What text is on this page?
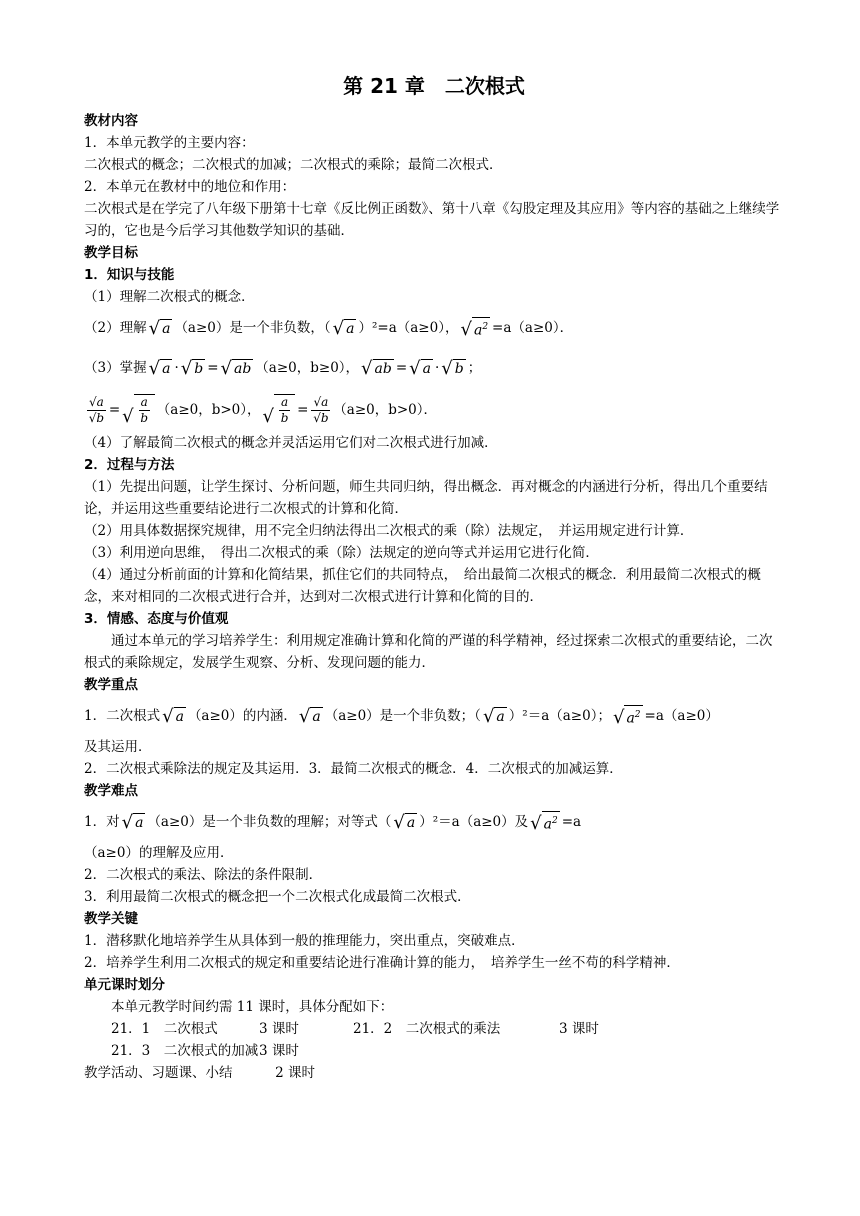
第 21 章　二次根式
教材内容
1．本单元教学的主要内容：
二次根式的概念；二次根式的加减；二次根式的乘除；最简二次根式．
2．本单元在教材中的地位和作用：
二次根式是在学完了八年级下册第十七章《反比例正函数》、第十八章《勾股定理及其应用》等内容的基础之上继续学习的，它也是今后学习其他数学知识的基础．
教学目标
1．知识与技能
（1）理解二次根式的概念．
（2）理解 √ a （a≥0）是一个非负数，（ √ a ）²=a（a≥0）， √ $a^2 =a(a\ge 0)$．
（3）掌握 √ a · √ b = √ ab （a≥0，b≥0）， √ ab = √ a · √ b ；
$\frac{√a}{√b}$ = √ $\frac{a}{b} (a\ge 0$，b>0）， √ $\frac{a}{b} = \frac{√a}{√b} (a\ge 0$，b>0）．
（4）了解最简二次根式的概念并灵活运用它们对二次根式进行加减．
2．过程与方法
（1）先提出问题，让学生探讨、分析问题，师生共同归纳，得出概念．再对概念的内涵进行分析，得出几个重要结论，并运用这些重要结论进行二次根式的计算和化简．
（2）用具体数据探究规律，用不完全归纳法得出二次根式的乘（除）法规定，　并运用规定进行计算．
（3）利用逆向思维，　得出二次根式的乘（除）法规定的逆向等式并运用它进行化简．
（4）通过分析前面的计算和化简结果，抓住它们的共同特点，　给出最简二次根式的概念．利用最简二次根式的概念，来对相同的二次根式进行合并，达到对二次根式进行计算和化简的目的．
3．情感、态度与价值观
通过本单元的学习培养学生：利用规定准确计算和化简的严谨的科学精神，经过探索二次根式的重要结论，二次根式的乘除规定，发展学生观察、分析、发现问题的能力．
教学重点
1．二次根式 √ a （a≥0）的内涵． √ a （a≥0）是一个非负数；（ √ a ）²＝a（a≥0）； √ $a^2 =a(a\ge 0)$
及其运用．
2．二次根式乘除法的规定及其运用．3．最简二次根式的概念．4．二次根式的加减运算．
教学难点
1．对 √ a （a≥0）是一个非负数的理解；对等式（ √ a ）²＝a（a≥0）及 √ $a^2 =a$
（a≥0）的理解及应用．
2．二次根式的乘法、除法的条件限制．
3．利用最简二次根式的概念把一个二次根式化成最简二次根式．
教学关键
1．潜移默化地培养学生从具体到一般的推理能力，突出重点，突破难点．
2．培养学生利用二次根式的规定和重要结论进行准确计算的能力，　培养学生一丝不苟的科学精神．
单元课时划分
本单元教学时间约需 11 课时，具体分配如下：
21．1　二次根式	3 课时	21．2　二次根式的乘法	3 课时
21．3　二次根式的加减	3 课时		
教学活动、习题课、小结	2 课时
